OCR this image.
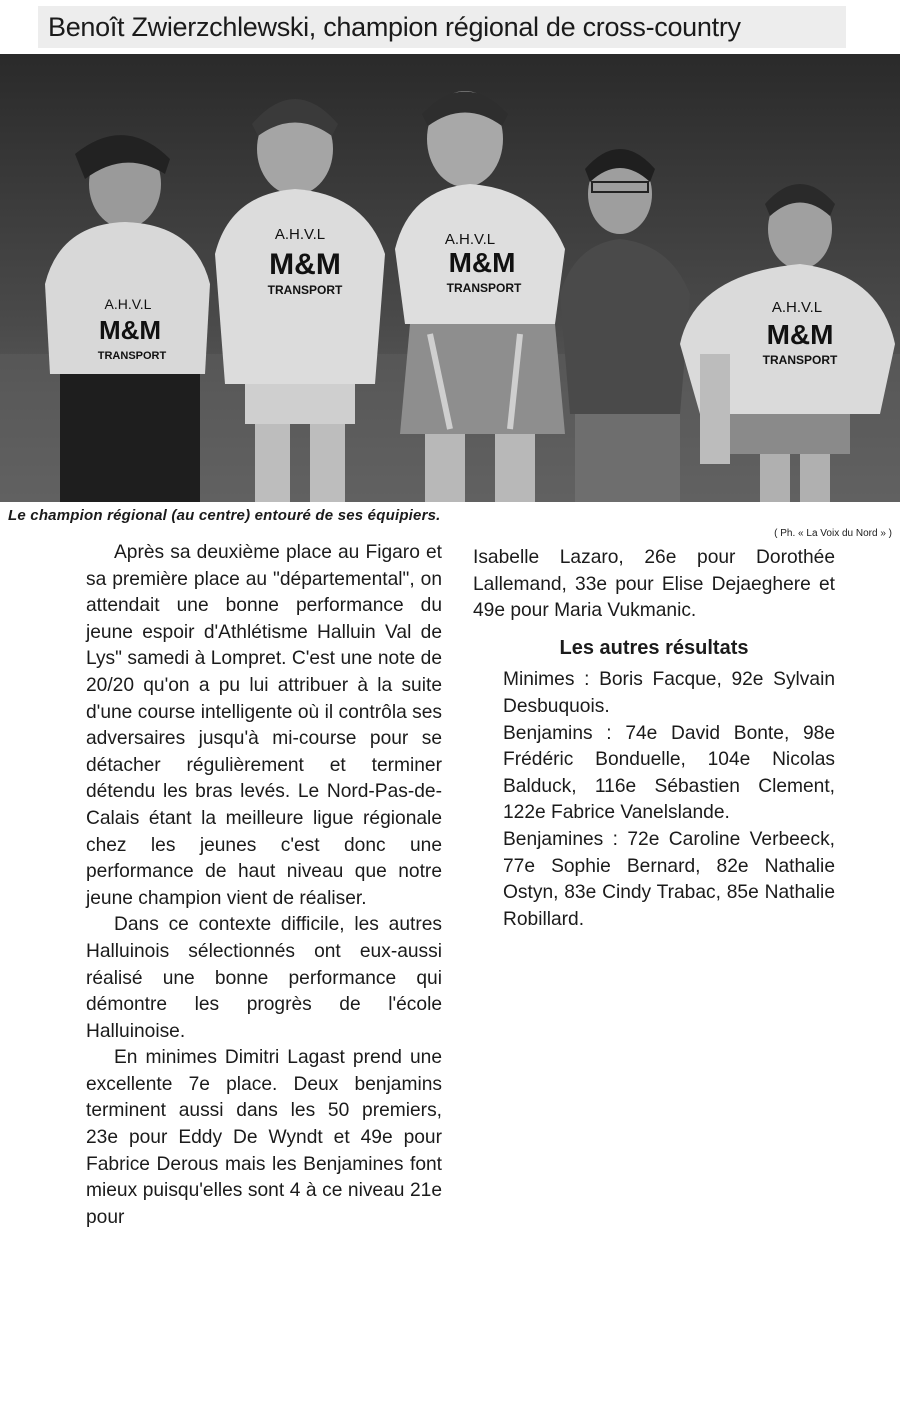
Benoît Zwierzchlewski, champion régional de cross-country
A.H.V.L
M&M
TRANSPORT
A.H.V.L
M&M
TRANSPORT
A.H.V.L
M&M
TRANSPORT
A.H.V.L
M&M
TRANSPORT
Le champion régional (au centre) entouré de ses équipiers.
( Ph. « La Voix du Nord » )

Après sa deuxième place au Figaro et sa première place au "départemental", on attendait une bonne performance du jeune espoir d'Athlétisme Halluin Val de Lys" samedi à Lompret. C'est une note de 20/20 qu'on a pu lui attribuer à la suite d'une course intelligente où il contrôla ses adversaires jusqu'à mi-course pour se détacher régulièrement et terminer détendu les bras levés. Le Nord-Pas-de-Calais étant la meilleure ligue régionale chez les jeunes c'est donc une performance de haut niveau que notre jeune champion vient de réaliser.

Dans ce contexte difficile, les autres Halluinois sélectionnés ont eux-aussi réalisé une bonne performance qui démontre les progrès de l'école Halluinoise.

En minimes Dimitri Lagast prend une excellente 7e place. Deux benjamins terminent aussi dans les 50 premiers, 23e pour Eddy De Wyndt et 49e pour Fabrice Derous mais les Benjamines font mieux puisqu'elles sont 4 à ce niveau 21e pour

Isabelle Lazaro, 26e pour Dorothée Lallemand, 33e pour Elise Dejaeghere et 49e pour Maria Vukmanic.

Les autres résultats

Minimes : Boris Facque, 92e Sylvain Desbuquois.

Benjamins : 74e David Bonte, 98e Frédéric Bonduelle, 104e Nicolas Balduck, 116e Sébastien Clement, 122e Fabrice Vanelslande.

Benjamines : 72e Caroline Verbeeck, 77e Sophie Bernard, 82e Nathalie Ostyn, 83e Cindy Trabac, 85e Nathalie Robillard.
